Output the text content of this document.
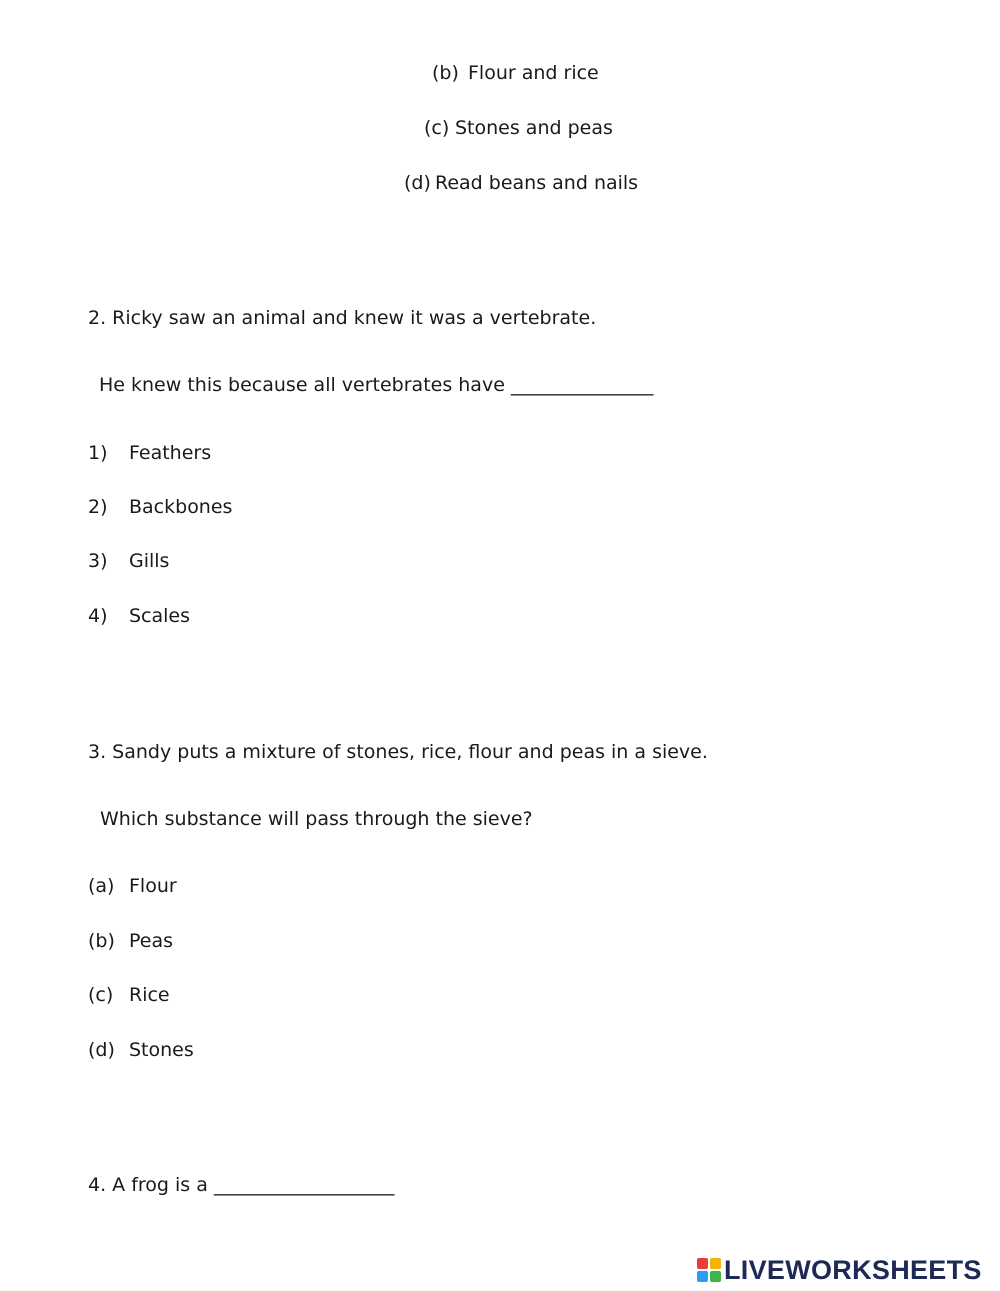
(b) Flour and rice
(c) Stones and peas
(d) Read beans and nails
2. Ricky saw an animal and knew it was a vertebrate.
He knew this because all vertebrates have _______________
1) Feathers
2) Backbones
3) Gills
4) Scales
3. Sandy puts a mixture of stones, rice, flour and peas in a sieve.
Which substance will pass through the sieve?
(a) Flour
(b) Peas
(c) Rice
(d) Stones
4. A frog is a ___________________
LIVEWORKSHEETS
